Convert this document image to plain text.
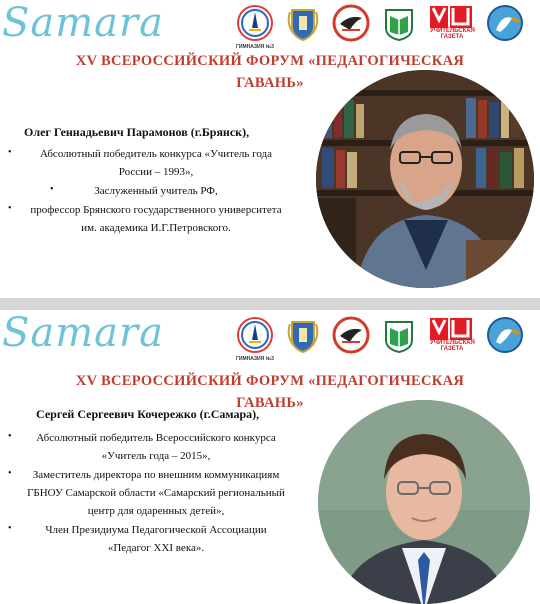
Samara
ГИМНАЗИЯ №3
УЧИТЕЛЬСКАЯ
ГАЗЕТА
XV ВСЕРОССИЙСКИЙ ФОРУМ «ПЕДАГОГИЧЕСКАЯ
ГАВАНЬ»
Олег Геннадьевич Парамонов (г.Брянск),
•	Абсолютный победитель конкурса «Учитель года
России – 1993»,
•	Заслуженный учитель РФ,
•	профессор Брянского государственного университета
им. академика И.Г.Петровского.
Samara
ГИМНАЗИЯ №3
УЧИТЕЛЬСКАЯ
ГАЗЕТА
XV ВСЕРОССИЙСКИЙ ФОРУМ «ПЕДАГОГИЧЕСКАЯ
ГАВАНЬ»
Сергей Сергеевич Кочережко (г.Самара),
•	Абсолютный победитель Всероссийского конкурса
«Учитель года – 2015»,
•	Заместитель директора по внешним коммуникациям
ГБНОУ Самарской области «Самарский региональный
центр для одаренных детей»,
•	Член Президиума Педагогической Ассоциации
«Педагог XXI века».
